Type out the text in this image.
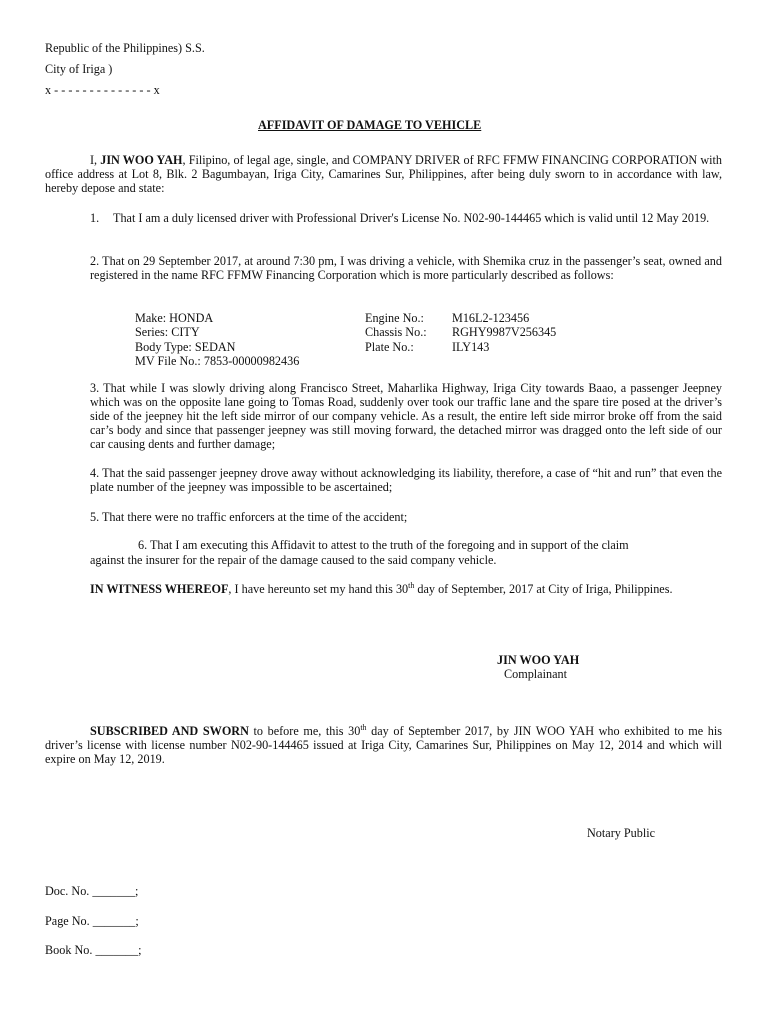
Republic of the Philippines) S.S.
City of Iriga )
x - - - - - - - - - - - - - - x
AFFIDAVIT OF DAMAGE TO VEHICLE
I, JIN WOO YAH, Filipino, of legal age, single, and COMPANY DRIVER of RFC FFMW FINANCING CORPORATION with office address at Lot 8, Blk. 2 Bagumbayan, Iriga City, Camarines Sur, Philippines, after being duly sworn to in accordance with law, hereby depose and state:
1. That I am a duly licensed driver with Professional Driver's License No. N02-90-144465 which is valid until 12 May 2019.
2. That on 29 September 2017, at around 7:30 pm, I was driving a vehicle, with Shemika cruz in the passenger’s seat, owned and registered in the name RFC FFMW Financing Corporation which is more particularly described as follows:
Make: HONDA	Engine No.: M16L2-123456
Series: CITY	Chassis No.: RGHY9987V256345
Body Type: SEDAN	Plate No.:	ILY143
MV File No.: 7853-00000982436
3. That while I was slowly driving along Francisco Street, Maharlika Highway, Iriga City towards Baao, a passenger Jeepney which was on the opposite lane going to Tomas Road, suddenly over took our traffic lane and the spare tire posed at the driver’s side of the jeepney hit the left side mirror of our company vehicle. As a result, the entire left side mirror broke off from the said car’s body and since that passenger jeepney was still moving forward, the detached mirror was dragged onto the left side of our car causing dents and further damage;
4. That the said passenger jeepney drove away without acknowledging its liability, therefore, a case of “hit and run” that even the plate number of the jeepney was impossible to be ascertained;
5. That there were no traffic enforcers at the time of the accident;
6. That I am executing this Affidavit to attest to the truth of the foregoing and in support of the claim
against the insurer for the repair of the damage caused to the said company vehicle.
IN WITNESS WHEREOF, I have hereunto set my hand this 30th day of September, 2017 at City of Iriga, Philippines.
JIN WOO YAH
Complainant
SUBSCRIBED AND SWORN to before me, this 30th day of September 2017, by JIN WOO YAH who exhibited to me his driver’s license with license number N02-90-144465 issued at Iriga City, Camarines Sur, Philippines on May 12, 2014 and which will expire on May 12, 2019.
Notary Public
Doc. No. _______;
Page No. _______;
Book No. _______;
